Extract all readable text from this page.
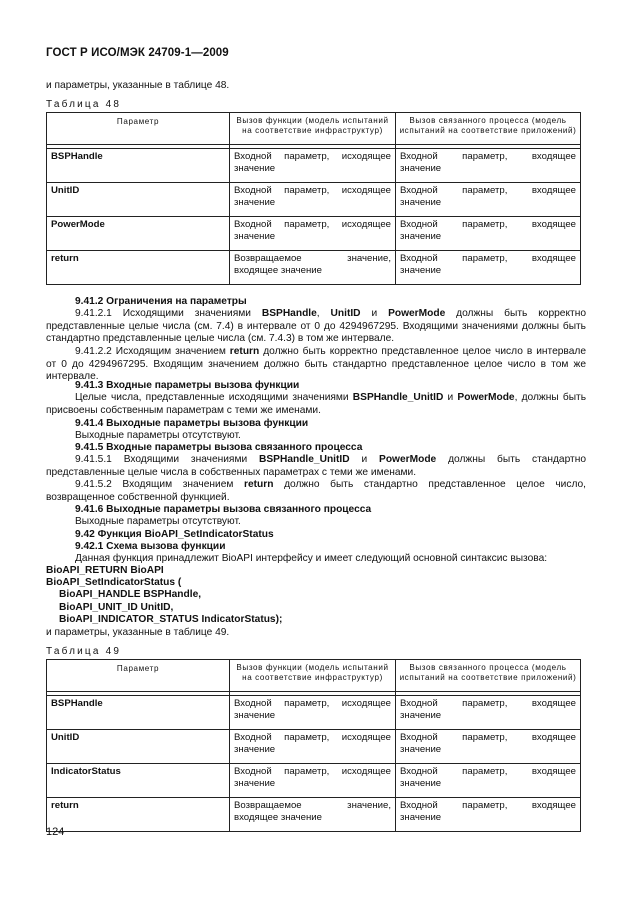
ГОСТ Р ИСО/МЭК 24709-1—2009

и параметры, указанные в таблице 48.

Таблица 48
Параметр	Вызов функции (модель испытаний на соответствие инфраструктур)	Вызов связанного процесса (модель испытаний на соответствие приложений)

BSPHandle	Входной параметр, исходящее значение	Входной параметр, входящее значение
UnitID	Входной параметр, исходящее значение	Входной параметр, входящее значение
PowerMode	Входной параметр, исходящее значение	Входной параметр, входящее значение
return	Возвращаемое значение, входящее значение	Входной параметр, входящее значение

9.41.2 Ограничения на параметры

9.41.2.1 Исходящими значениями BSPHandle, UnitID и PowerMode должны быть корректно представленные целые числа (см. 7.4) в интервале от 0 до 4294967295. Входящими значениями должны быть стандартно представленные целые числа (см. 7.4.3) в том же интервале.

9.41.2.2 Исходящим значением return должно быть корректно представленное целое число в интервале от 0 до 4294967295. Входящим значением должно быть стандартно представленное целое число в том же интервале.

9.41.3 Входные параметры вызова функции

Целые числа, представленные исходящими значениями BSPHandle_UnitID и PowerMode, должны быть присвоены собственным параметрам с теми же именами.

9.41.4 Выходные параметры вызова функции

Выходные параметры отсутствуют.

9.41.5 Входные параметры вызова связанного процесса

9.41.5.1 Входящими значениями BSPHandle_UnitID и PowerMode должны быть стандартно представленные целые числа в собственных параметрах с теми же именами.

9.41.5.2 Входящим значением return должно быть стандартно представленное целое число, возвращенное собственной функцией.

9.41.6 Выходные параметры вызова связанного процесса

Выходные параметры отсутствуют.

9.42 Функция BioAPI_SetIndicatorStatus

9.42.1 Схема вызова функции

Данная функция принадлежит BioAPI интерфейсу и имеет следующий основной синтаксис вызова:

BioAPI_RETURN BioAPI
BioAPI_SetIndicatorStatus (
BioAPI_HANDLE BSPHandle,
BioAPI_UNIT_ID UnitID,
BioAPI_INDICATOR_STATUS IndicatorStatus);

и параметры, указанные в таблице 49.

Таблица 49
Параметр	Вызов функции (модель испытаний на соответствие инфраструктур)	Вызов связанного процесса (модель испытаний на соответствие приложений)

BSPHandle	Входной параметр, исходящее значение	Входной параметр, входящее значение
UnitID	Входной параметр, исходящее значение	Входной параметр, входящее значение
IndicatorStatus	Входной параметр, исходящее значение	Входной параметр, входящее значение
return	Возвращаемое значение, входящее значение	Входной параметр, входящее значение
124
